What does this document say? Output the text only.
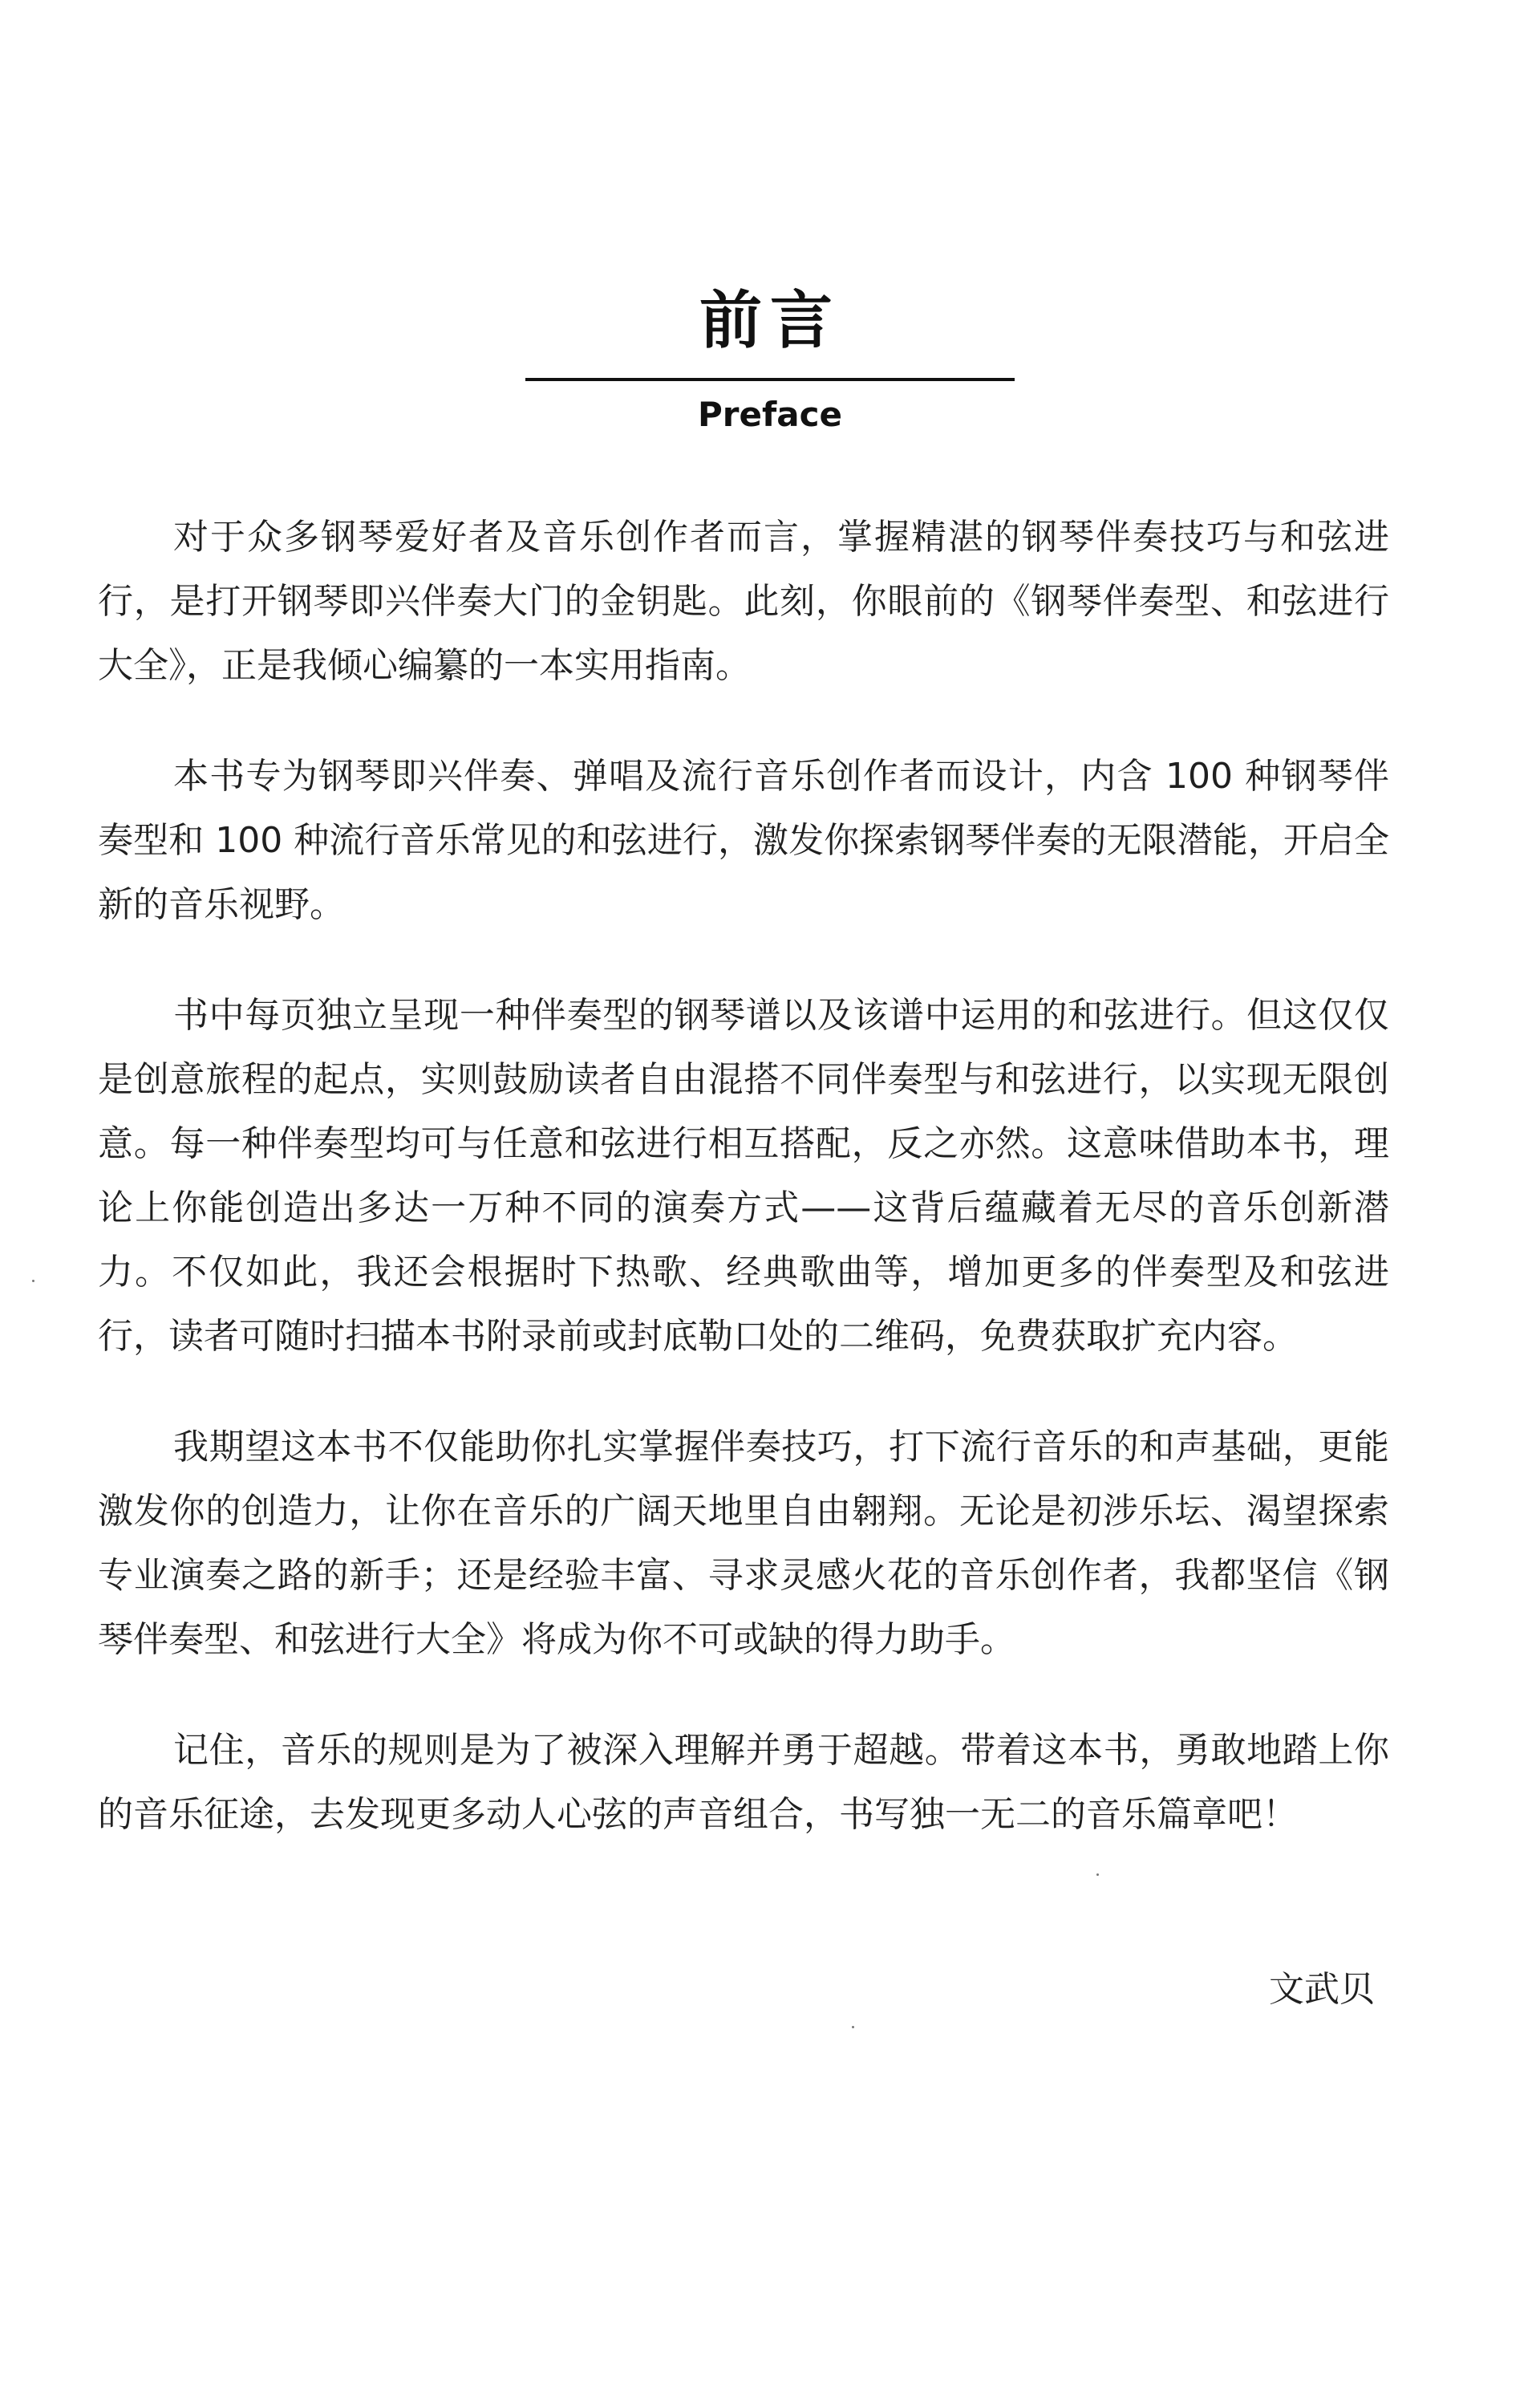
前言
Preface

对于众多钢琴爱好者及音乐创作者而言，掌握精湛的钢琴伴奏技巧与和弦进行，是打开钢琴即兴伴奏大门的金钥匙。此刻，你眼前的《钢琴伴奏型、和弦进行大全》，正是我倾心编纂的一本实用指南。

本书专为钢琴即兴伴奏、弹唱及流行音乐创作者而设计，内含 100 种钢琴伴奏型和 100 种流行音乐常见的和弦进行，激发你探索钢琴伴奏的无限潜能，开启全新的音乐视野。

书中每页独立呈现一种伴奏型的钢琴谱以及该谱中运用的和弦进行。但这仅仅是创意旅程的起点，实则鼓励读者自由混搭不同伴奏型与和弦进行，以实现无限创意。每一种伴奏型均可与任意和弦进行相互搭配，反之亦然。这意味借助本书，理论上你能创造出多达一万种不同的演奏方式——这背后蕴藏着无尽的音乐创新潜力。不仅如此，我还会根据时下热歌、经典歌曲等，增加更多的伴奏型及和弦进行，读者可随时扫描本书附录前或封底勒口处的二维码，免费获取扩充内容。

我期望这本书不仅能助你扎实掌握伴奏技巧，打下流行音乐的和声基础，更能激发你的创造力，让你在音乐的广阔天地里自由翱翔。无论是初涉乐坛、渴望探索专业演奏之路的新手；还是经验丰富、寻求灵感火花的音乐创作者，我都坚信《钢琴伴奏型、和弦进行大全》将成为你不可或缺的得力助手。

记住，音乐的规则是为了被深入理解并勇于超越。带着这本书，勇敢地踏上你的音乐征途，去发现更多动人心弦的声音组合，书写独一无二的音乐篇章吧！

文武贝
